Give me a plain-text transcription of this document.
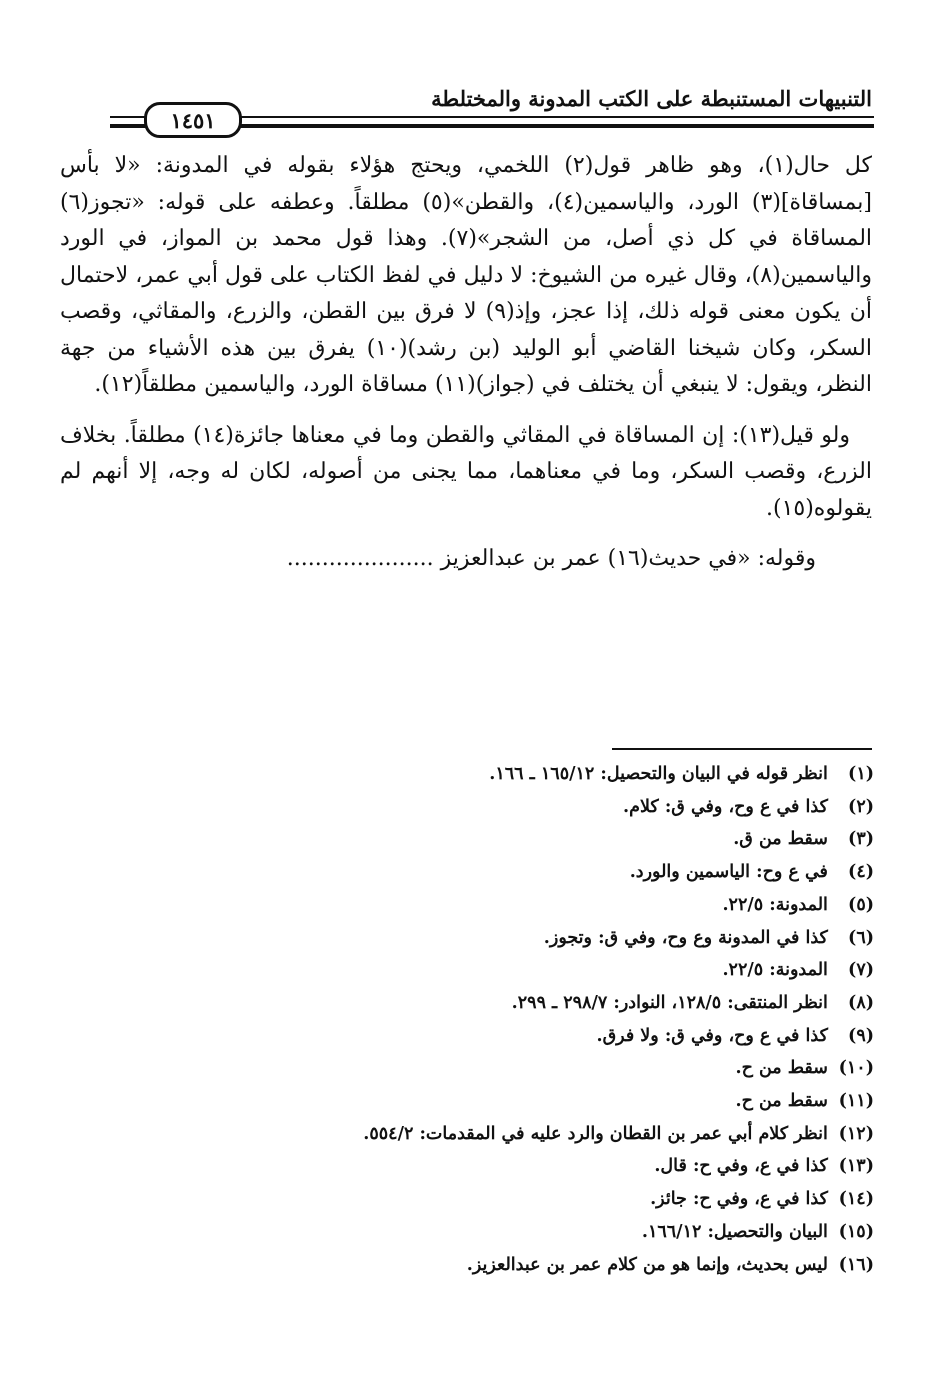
التنبيهات المستنبطة على الكتب المدونة والمختلطة
١٤٥١

كل حال(١)، وهو ظاهر قول(٢) اللخمي، ويحتج هؤلاء بقوله في المدونة: «لا بأس [بمساقاة](٣) الورد، والياسمين(٤)، والقطن»(٥) مطلقاً. وعطفه على قوله: «تجوز(٦) المساقاة في كل ذي أصل، من الشجر»(٧). وهذا قول محمد بن المواز، في الورد والياسمين(٨)، وقال غيره من الشيوخ: لا دليل في لفظ الكتاب على قول أبي عمر، لاحتمال أن يكون معنى قوله ذلك، إذا عجز، وإذ(٩) لا فرق بين القطن، والزرع، والمقاثي، وقصب السكر، وكان شيخنا القاضي أبو الوليد (بن رشد)(١٠) يفرق بين هذه الأشياء من جهة النظر، ويقول: لا ينبغي أن يختلف في (جواز)(١١) مساقاة الورد، والياسمين مطلقاً(١٢).

ولو قيل(١٣): إن المساقاة في المقاثي والقطن وما في معناها جائزة(١٤) مطلقاً. بخلاف الزرع، وقصب السكر، وما في معناهما، مما يجنى من أصوله، لكان له وجه، إلا أنهم لم يقولوه(١٥).

وقوله: «في حديث(١٦) عمر بن عبدالعزيز .....................

(١) انظر قوله في البيان والتحصيل: ١٦٥/١٢ ـ ١٦٦.
(٢) كذا في ع وح، وفي ق: كلام.
(٣) سقط من ق.
(٤) في ع وح: الياسمين والورد.
(٥) المدونة: ٢٢/٥.
(٦) كذا في المدونة وع وح، وفي ق: وتجوز.
(٧) المدونة: ٢٢/٥.
(٨) انظر المنتقى: ١٢٨/٥، النوادر: ٢٩٨/٧ ـ ٢٩٩.
(٩) كذا في ع وح، وفي ق: ولا فرق.
(١٠) سقط من ح.
(١١) سقط من ح.
(١٢) انظر كلام أبي عمر بن القطان والرد عليه في المقدمات: ٥٥٤/٢.
(١٣) كذا في ع، وفي ح: قال.
(١٤) كذا في ع، وفي ح: جائز.
(١٥) البيان والتحصيل: ١٦٦/١٢.
(١٦) ليس بحديث، وإنما هو من كلام عمر بن عبدالعزيز.
